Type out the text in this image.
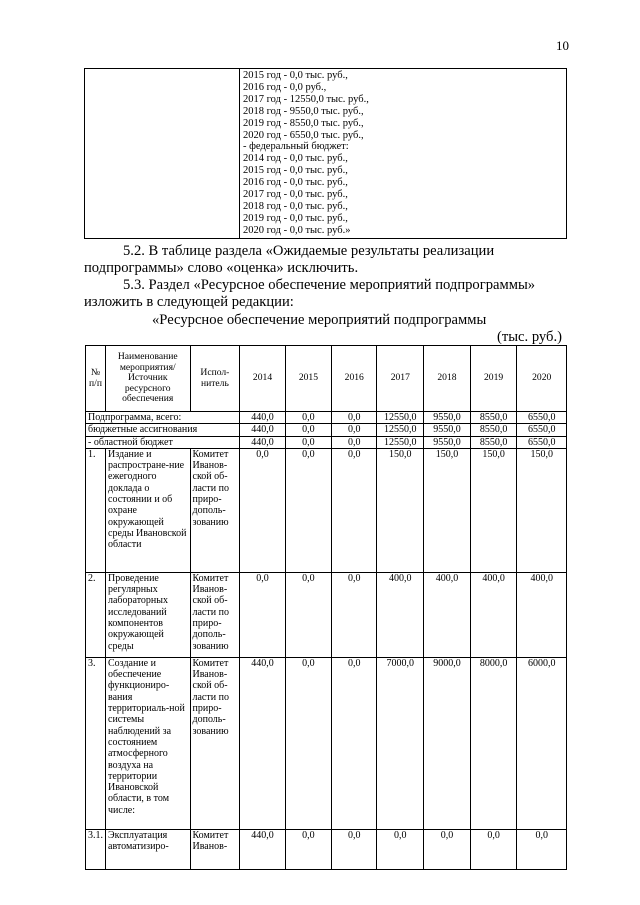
10

2015 год - 0,0 тыс. руб.,
2016 год - 0,0 руб.,
2017 год - 12550,0 тыс. руб.,
2018 год - 9550,0 тыс. руб.,
2019 год - 8550,0 тыс. руб.,
2020 год - 6550,0 тыс. руб.,
- федеральный бюджет:
2014 год - 0,0 тыс. руб.,
2015 год - 0,0 тыс. руб.,
2016 год - 0,0 тыс. руб.,
2017 год - 0,0 тыс. руб.,
2018 год - 0,0 тыс. руб.,
2019 год - 0,0 тыс. руб.,
2020 год - 0,0 тыс. руб.»
5.2. В таблице раздела «Ожидаемые результаты реализации
подпрограммы» слово «оценка» исключить.
5.3. Раздел «Ресурсное обеспечение мероприятий подпрограммы»
изложить в следующей редакции:
«Ресурсное обеспечение мероприятий подпрограммы
(тыс. руб.)
№ п/п	Наименование мероприятия/ Источник ресурсного обеспечения	Испол-нитель	2014	2015	2016	2017	2018	2019	2020
Подпрограмма, всего:			440,0	0,0	0,0	12550,0	9550,0	8550,0	6550,0
бюджетные ассигнования			440,0	0,0	0,0	12550,0	9550,0	8550,0	6550,0
- областной бюджет			440,0	0,0	0,0	12550,0	9550,0	8550,0	6550,0
1.	Издание и распростране-ние ежегодного доклада о состоянии и об охране окружающей среды Ивановской области	Комитет Иванов-ской об-ласти по приро-дополь-зованию	0,0	0,0	0,0	150,0	150,0	150,0	150,0
2.	Проведение регулярных лабораторных исследований компонентов окружающей среды	Комитет Иванов-ской об-ласти по приро-дополь-зованию	0,0	0,0	0,0	400,0	400,0	400,0	400,0
3.	Создание и обеспечение функциониро-вания территориаль-ной системы наблюдений за состоянием атмосферного воздуха на территории Ивановской области, в том числе:	Комитет Иванов-ской об-ласти по приро-дополь-зованию	440,0	0,0	0,0	7000,0	9000,0	8000,0	6000,0
3.1.	Эксплуатация автоматизиро-	Комитет Иванов-	440,0	0,0	0,0	0,0	0,0	0,0	0,0
